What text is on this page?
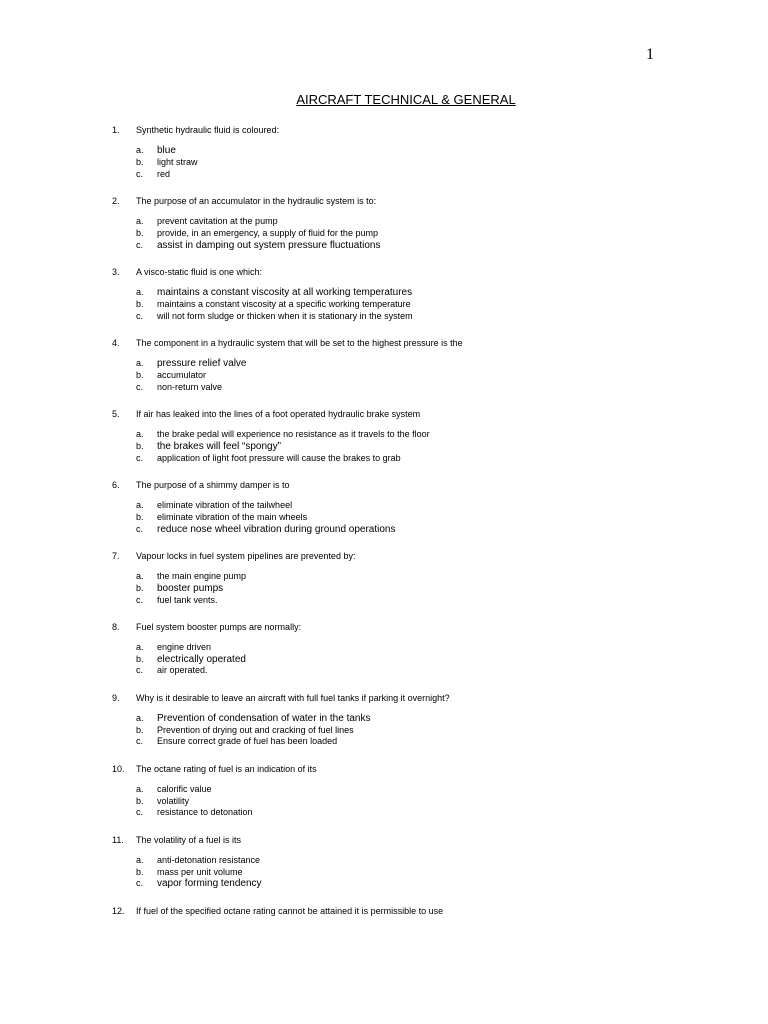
1
AIRCRAFT TECHNICAL & GENERAL
1. Synthetic hydraulic fluid is coloured:
a. blue
b. light straw
c. red
2. The purpose of an accumulator in the hydraulic system is to:
a. prevent cavitation at the pump
b. provide, in an emergency, a supply of fluid for the pump
c. assist in damping out system pressure fluctuations
3. A visco-static fluid is one which:
a. maintains a constant viscosity at all working temperatures
b. maintains a constant viscosity at a specific working temperature
c. will not form sludge or thicken when it is stationary in the system
4. The component in a hydraulic system that will be set to the highest pressure is the
a. pressure relief valve
b. accumulator
c. non-return valve
5. If air has leaked into the lines of a foot operated hydraulic brake system
a. the brake pedal will experience no resistance as it travels to the floor
b. the brakes will feel “spongy”
c. application of light foot pressure will cause the brakes to grab
6. The purpose of a shimmy damper is to
a. eliminate vibration of the tailwheel
b. eliminate vibration of the main wheels
c. reduce nose wheel vibration during ground operations
7. Vapour locks in fuel system pipelines are prevented by:
a. the main engine pump
b. booster pumps
c. fuel tank vents.
8. Fuel system booster pumps are normally:
a. engine driven
b. electrically operated
c. air operated.
9. Why is it desirable to leave an aircraft with full fuel tanks if parking it overnight?
a. Prevention of condensation of water in the tanks
b. Prevention of drying out and cracking of fuel lines
c. Ensure correct grade of fuel has been loaded
10. The octane rating of fuel is an indication of its
a. calorific value
b. volatility
c. resistance to detonation
11. The volatility of a fuel is its
a. anti-detonation resistance
b. mass per unit volume
c. vapor forming tendency
12. If fuel of the specified octane rating cannot be attained it is permissible to use
